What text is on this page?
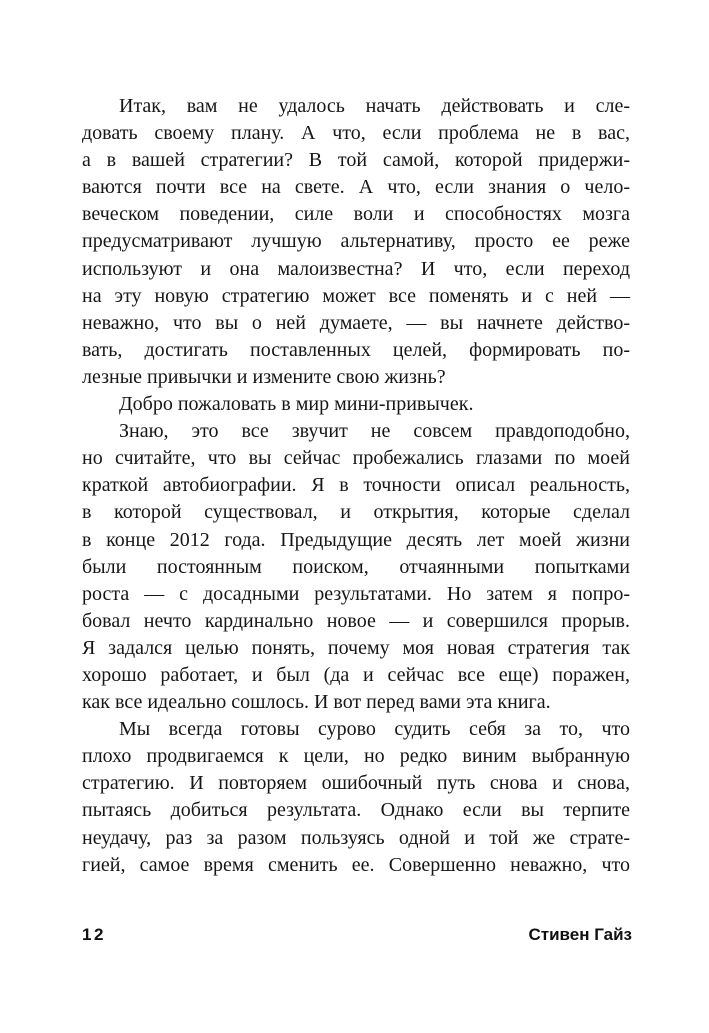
Итак, вам не удалось начать действовать и сле-
довать своему плану. А что, если проблема не в вас,
а в вашей стратегии? В той самой, которой придержи-
ваются почти все на свете. А что, если знания о чело-
веческом поведении, силе воли и способностях мозга
предусматривают лучшую альтернативу, просто ее реже
используют и она малоизвестна? И что, если переход
на эту новую стратегию может все поменять и с ней —
неважно, что вы о ней думаете, — вы начнете действо-
вать, достигать поставленных целей, формировать по-
лезные привычки и измените свою жизнь?
Добро пожаловать в мир мини-привычек.
Знаю, это все звучит не совсем правдоподобно,
но считайте, что вы сейчас пробежались глазами по моей
краткой автобиографии. Я в точности описал реальность,
в которой существовал, и открытия, которые сделал
в конце 2012 года. Предыдущие десять лет моей жизни
были постоянным поиском, отчаянными попытками
роста — с досадными результатами. Но затем я попро-
бовал нечто кардинально новое — и совершился прорыв.
Я задался целью понять, почему моя новая стратегия так
хорошо работает, и был (да и сейчас все еще) поражен,
как все идеально сошлось. И вот перед вами эта книга.
Мы всегда готовы сурово судить себя за то, что
плохо продвигаемся к цели, но редко виним выбранную
стратегию. И повторяем ошибочный путь снова и снова,
пытаясь добиться результата. Однако если вы терпите
неудачу, раз за разом пользуясь одной и той же страте-
гией, самое время сменить ее. Совершенно неважно, что
12	Стивен Гайз
